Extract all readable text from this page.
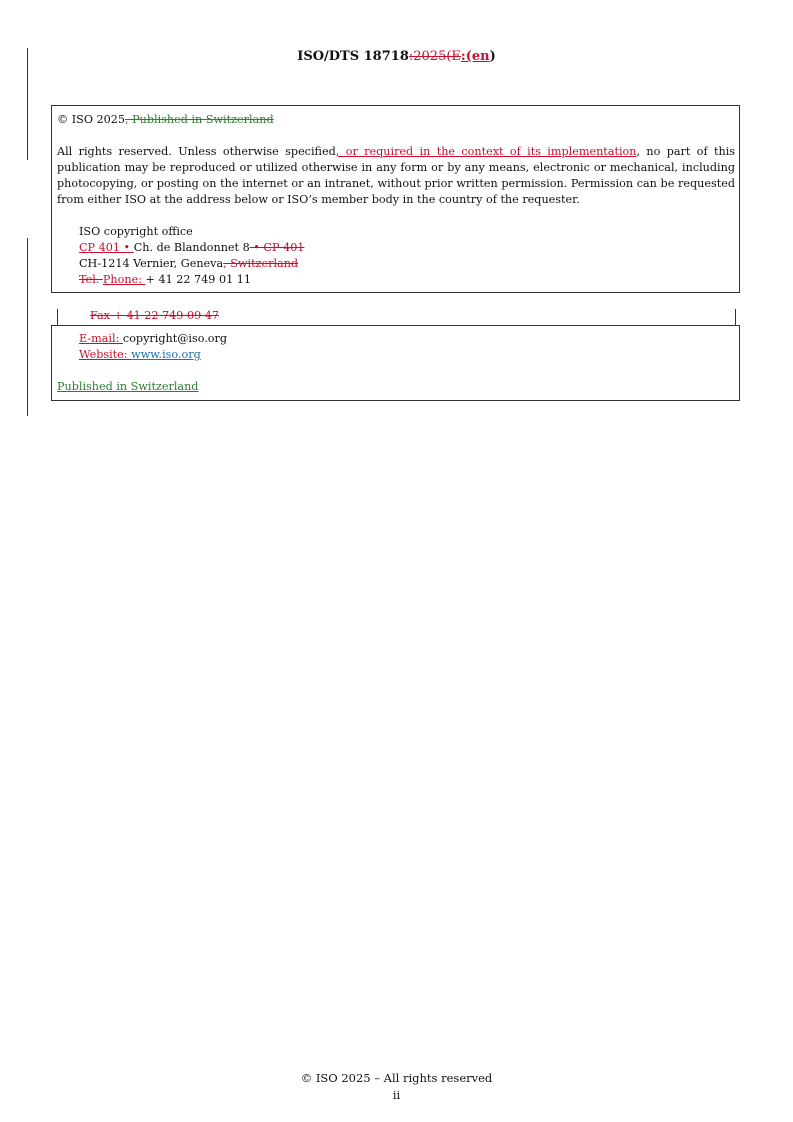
ISO/DTS 18718:2025(E:(en)

© ISO 2025, Published in Switzerland

All rights reserved. Unless otherwise specified, or required in the context of its implementation, no part of this publication may be reproduced or utilized otherwise in any form or by any means, electronic or mechanical, including photocopying, or posting on the internet or an intranet, without prior written permission. Permission can be requested from either ISO at the address below or ISO’s member body in the country of the requester.

ISO copyright office

CP 401 • Ch. de Blandonnet 8 • CP 401

CH-1214 Vernier, Geneva, Switzerland

Tel. Phone: + 41 22 749 01 11

Fax + 41 22 749 09 47

E-mail: copyright@iso.org

Website: www.iso.org

Published in Switzerland

© ISO 2025 – All rights reserved
ii
